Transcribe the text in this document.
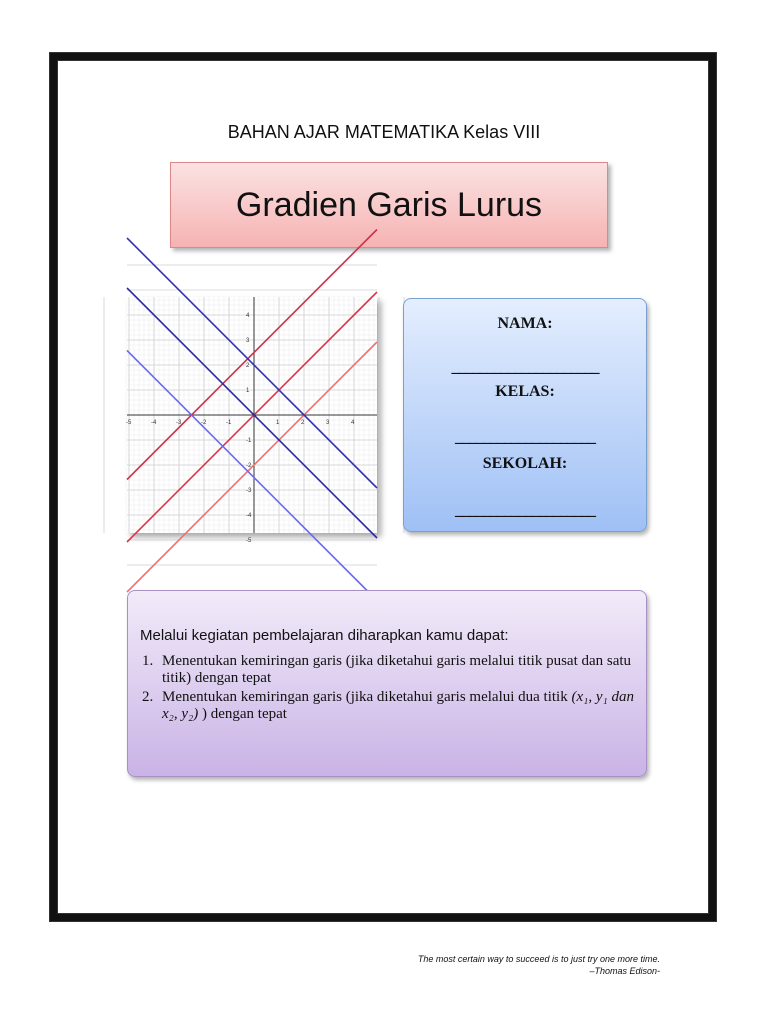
BAHAN AJAR MATEMATIKA Kelas VIII
Gradien Garis Lurus
-5	-4	-3	-2	-1	1	2	3	4
4
3
2
1
-1
-2
-3
-4
-5
NAMA:
_____________________
KELAS:
____________________
SEKOLAH:
____________________
Melalui kegiatan pembelajaran diharapkan kamu dapat:
1. Menentukan kemiringan garis (jika diketahui garis melalui titik pusat dan satu titik) dengan tepat
2. Menentukan kemiringan garis (jika diketahui garis melalui dua titik (x₁, y₁ dan x₂, y₂) ) dengan tepat
The most certain way to succeed is to just try one more time.
–Thomas Edison-
